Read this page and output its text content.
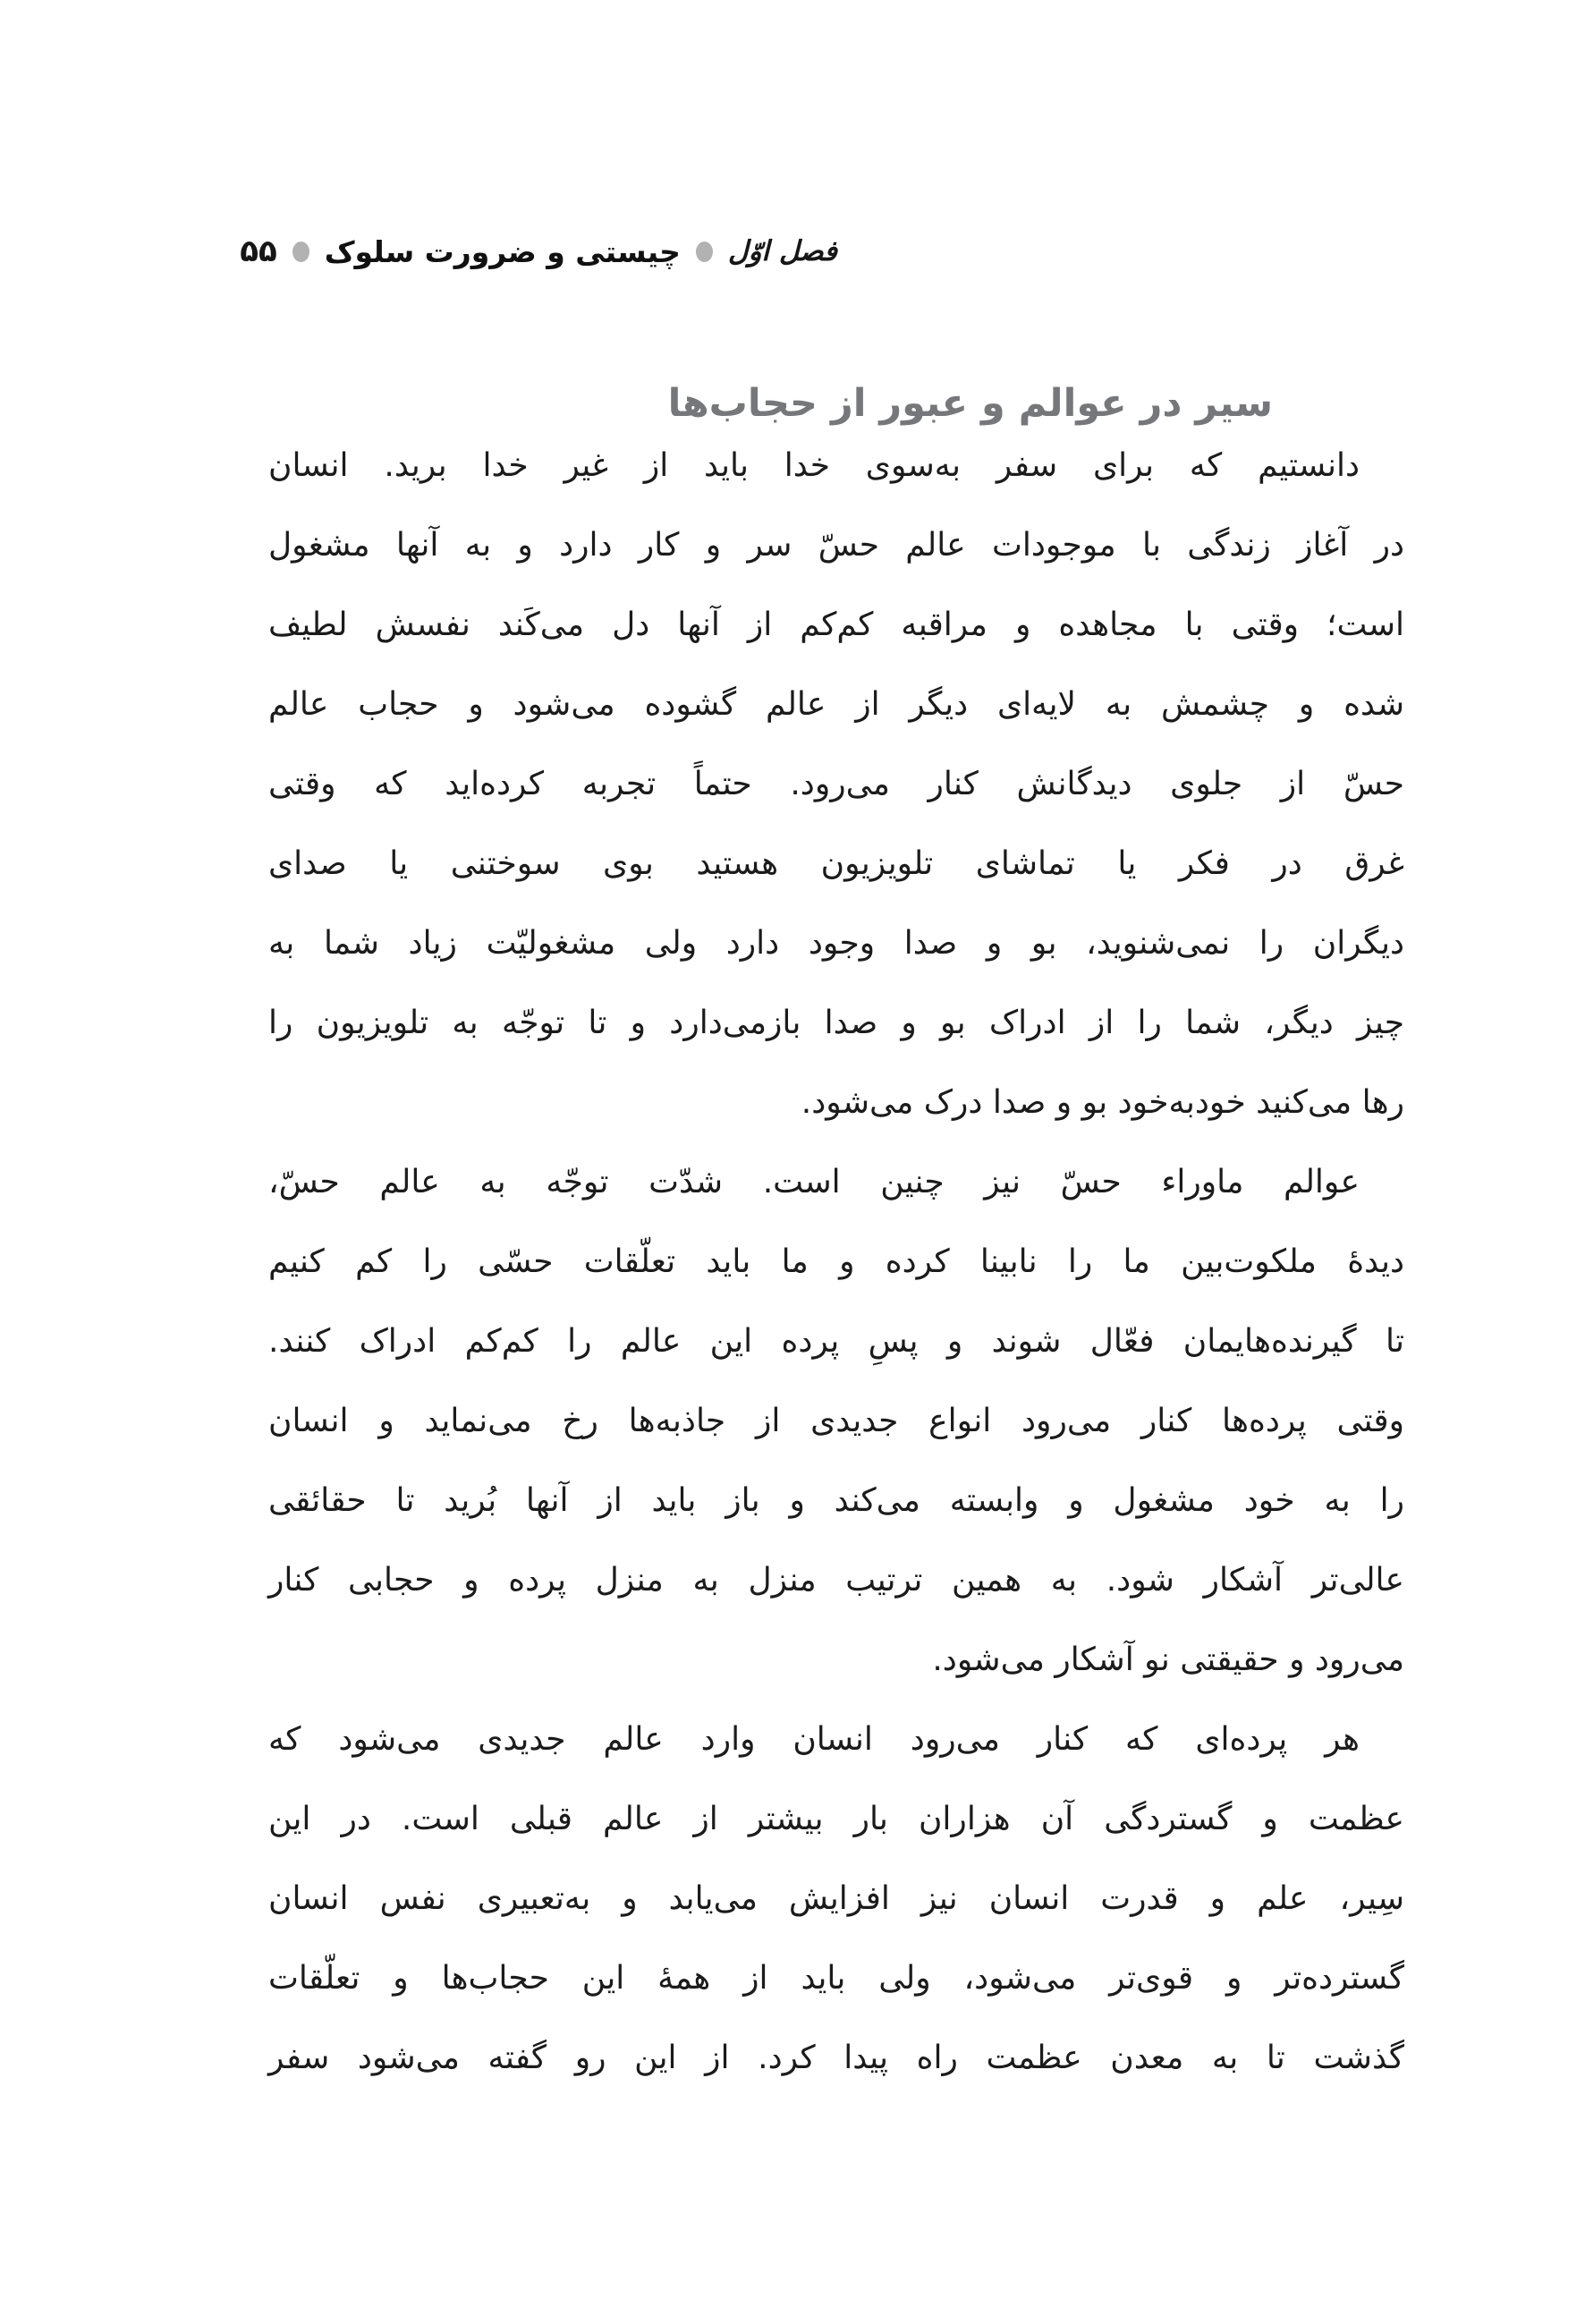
فصل اوّل
چیستی و ضرورت سلوک
۵۵
سیر در عوالم و عبور از حجاب‌ها
دانستیم که برای سفر به‌سوی خدا باید از غیر خدا برید. انسان
در آغاز زندگی با موجودات عالم حسّ سر و کار دارد و به آنها مشغول
است؛ وقتی با مجاهده و مراقبه کم‌کم از آنها دل می‌کَند نفسش لطیف
شده و چشمش به لایه‌ای دیگر از عالم گشوده می‌شود و حجاب عالم
حسّ از جلوی دیدگانش کنار می‌رود. حتماً تجربه کرده‌اید که وقتی
غرق در فکر یا تماشای تلویزیون هستید بوی سوختنی یا صدای
دیگران را نمی‌شنوید، بو و صدا وجود دارد ولی مشغولیّت زیاد شما به
چیز دیگر، شما را از ادراک بو و صدا بازمی‌دارد و تا توجّه به تلویزیون را
رها می‌کنید خودبه‌خود بو و صدا درک می‌شود.
عوالم ماوراء حسّ نیز چنین است. شدّت توجّه به عالم حسّ،
دیدهٔ ملکوت‌بین ما را نابینا کرده و ما باید تعلّقات حسّی را کم کنیم
تا گیرنده‌هایمان فعّال شوند و پسِ پرده این عالم را کم‌کم ادراک کنند.
وقتی پرده‌ها کنار می‌رود انواع جدیدی از جاذبه‌ها رخ می‌نماید و انسان
را به خود مشغول و وابسته می‌کند و باز باید از آنها بُرید تا حقائقی
عالی‌تر آشکار شود. به همین ترتیب منزل به منزل پرده و حجابی کنار
می‌رود و حقیقتی نو آشکار می‌شود.
هر پرده‌ای که کنار می‌رود انسان وارد عالم جدیدی می‌شود که
عظمت و گستردگی آن هزاران بار بیشتر از عالم قبلی است. در این
سِیر، علم و قدرت انسان نیز افزایش می‌یابد و به‌تعبیری نفس انسان
گسترده‌تر و قوی‌تر می‌شود، ولی باید از همهٔ این حجاب‌ها و تعلّقات
گذشت تا به معدن عظمت راه پیدا کرد. از این رو گفته می‌شود سفر
